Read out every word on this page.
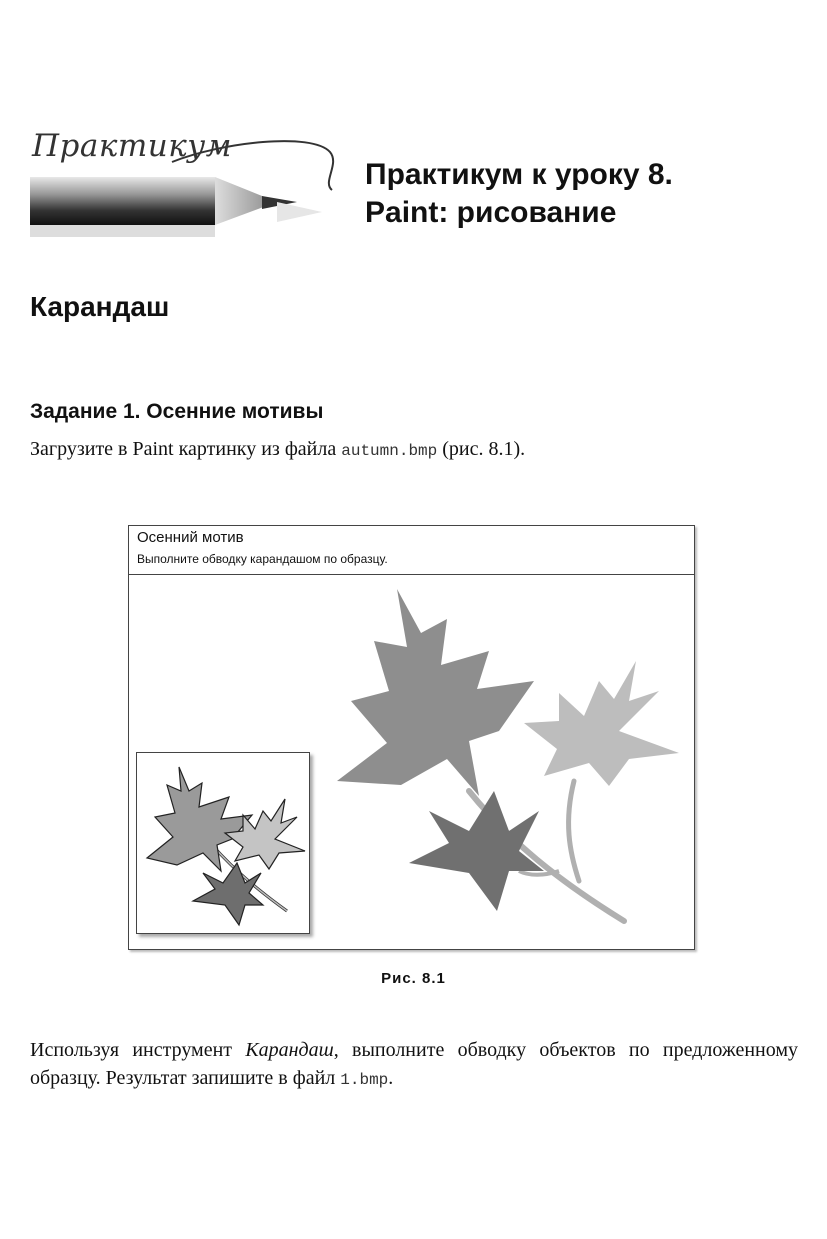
Практикум
Практикум к уроку 8.
Paint: рисование
Карандаш
Задание 1. Осенние мотивы
Загрузите в Paint картинку из файла autumn.bmp (рис. 8.1).
Осенний мотив
Выполните обводку карандашом по образцу.
Рис. 8.1
Используя инструмент Карандаш, выполните обводку объектов по предложенному образцу. Результат запишите в файл 1.bmp.
